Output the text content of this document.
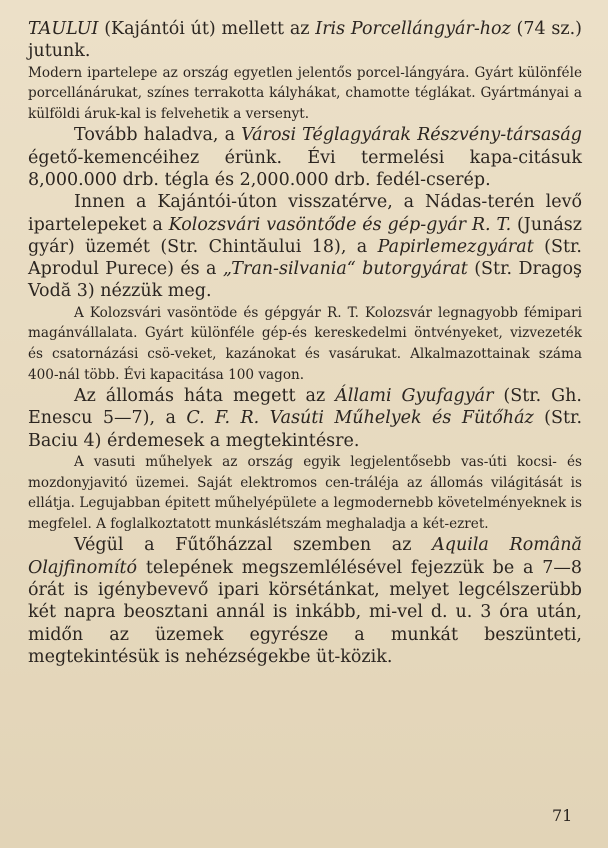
TAULUI (Kajántói út) mellett az Iris Porcellángyár-hoz (74 sz.) jutunk.

Modern ipartelepe az ország egyetlen jelentős porcel-lángyára. Gyárt különféle porcellánárukat, színes terrakotta kályhákat, chamotte téglákat. Gyártmányai a külföldi áruk-kal is felvehetik a versenyt.

Tovább haladva, a Városi Téglagyárak Részvény-társaság égető-kemencéihez érünk. Évi termelési kapa-citásuk 8,000.000 drb. tégla és 2,000.000 drb. fedél-cserép.

Innen a Kajántói-úton visszatérve, a Nádas-terén levő ipartelepeket a Kolozsvári vasöntőde és gép-gyár R. T. (Junász gyár) üzemét (Str. Chintăului 18), a Papirlemezgyárat (Str. Aprodul Purece) és a „Tran-silvania“ butorgyárat (Str. Dragoş Vodă 3) nézzük meg.

A Kolozsvári vasöntöde és gépgyár R. T. Kolozsvár legnagyobb fémipari magánvállalata. Gyárt különféle gép-és kereskedelmi öntvényeket, vizvezeték és csatornázási csö-veket, kazánokat és vasárukat. Alkalmazottainak száma 400-nál több. Évi kapacitása 100 vagon.

Az állomás háta megett az Állami Gyufagyár (Str. Gh. Enescu 5—7), a C. F. R. Vasúti Műhelyek és Fütőház (Str. Baciu 4) érdemesek a megtekintésre.

A vasuti műhelyek az ország egyik legjelentősebb vas-úti kocsi- és mozdonyjavitó üzemei. Saját elektromos cen-tráléja az állomás világitását is ellátja. Legujabban épitett műhelyépülete a legmodernebb követelményeknek is megfelel. A foglalkoztatott munkáslétszám meghaladja a két-ezret.

Végül a Fűtőházzal szemben az Aquila Română Olajfinomító telepének megszemlélésével fejezzük be a 7—8 órát is igénybevevő ipari körsétánkat, melyet legcélszerübb két napra beosztani annál is inkább, mi-vel d. u. 3 óra után, midőn az üzemek egyrésze a munkát beszünteti, megtekintésük is nehézségekbe üt-közik.

71
